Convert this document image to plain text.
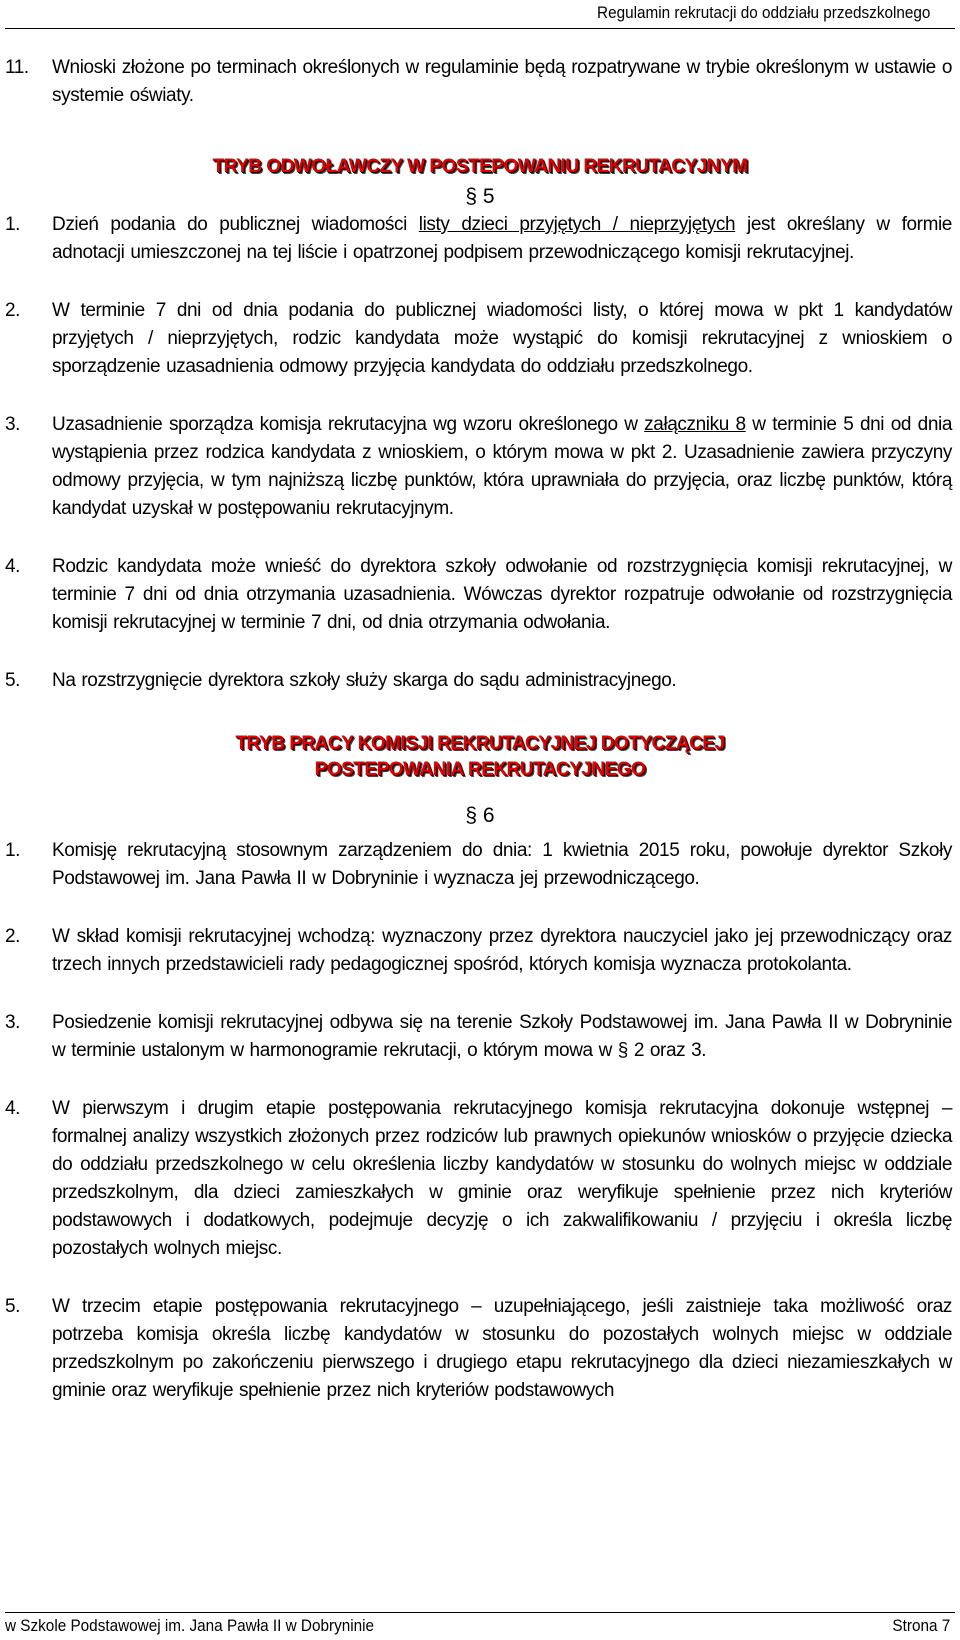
Regulamin rekrutacji do oddziału przedszkolnego

11.	Wnioski złożone po terminach określonych w regulaminie będą rozpatrywane w trybie określonym w ustawie o systemie oświaty.

TRYB ODWOŁAWCZY W POSTEPOWANIU REKRUTACYJNYM
§ 5

1.	Dzień podania do publicznej wiadomości listy dzieci przyjętych / nieprzyjętych jest określany w formie adnotacji umieszczonej na tej liście i opatrzonej podpisem przewodniczącego komisji rekrutacyjnej.

2.	W terminie 7 dni od dnia podania do publicznej wiadomości listy, o której mowa w pkt 1 kandydatów przyjętych / nieprzyjętych, rodzic kandydata może wystąpić do komisji rekrutacyjnej z wnioskiem o sporządzenie uzasadnienia odmowy przyjęcia kandydata do oddziału przedszkolnego.

3.	Uzasadnienie sporządza komisja rekrutacyjna wg wzoru określonego w załączniku 8 w terminie 5 dni od dnia wystąpienia przez rodzica kandydata z wnioskiem, o którym mowa w pkt 2. Uzasadnienie zawiera przyczyny odmowy przyjęcia, w tym najniższą liczbę punktów, która uprawniała do przyjęcia, oraz liczbę punktów, którą kandydat uzyskał w postępowaniu rekrutacyjnym.

4.	Rodzic kandydata może wnieść do dyrektora szkoły odwołanie od rozstrzygnięcia komisji rekrutacyjnej, w terminie 7 dni od dnia otrzymania uzasadnienia. Wówczas dyrektor rozpatruje odwołanie od rozstrzygnięcia komisji rekrutacyjnej w terminie 7 dni, od dnia otrzymania odwołania.

5.	Na rozstrzygnięcie dyrektora szkoły służy skarga do sądu administracyjnego.

TRYB PRACY KOMISJI REKRUTACYJNEJ DOTYCZĄCEJ
POSTEPOWANIA REKRUTACYJNEGO
§ 6

1.	Komisję rekrutacyjną stosownym zarządzeniem do dnia: 1 kwietnia 2015 roku, powołuje dyrektor Szkoły Podstawowej im. Jana Pawła II w Dobryninie i wyznacza jej przewodniczącego.

2.	W skład komisji rekrutacyjnej wchodzą: wyznaczony przez dyrektora nauczyciel jako jej przewodniczący oraz trzech innych przedstawicieli rady pedagogicznej spośród, których komisja wyznacza protokolanta.

3.	Posiedzenie komisji rekrutacyjnej odbywa się na terenie Szkoły Podstawowej im. Jana Pawła II w Dobryninie w terminie ustalonym w harmonogramie rekrutacji, o którym mowa w § 2 oraz 3.

4.	W pierwszym i drugim etapie postępowania rekrutacyjnego komisja rekrutacyjna dokonuje wstępnej – formalnej analizy wszystkich złożonych przez rodziców lub prawnych opiekunów wniosków o przyjęcie dziecka do oddziału przedszkolnego w celu określenia liczby kandydatów w stosunku do wolnych miejsc w oddziale przedszkolnym, dla dzieci zamieszkałych w gminie oraz weryfikuje spełnienie przez nich kryteriów podstawowych i dodatkowych, podejmuje decyzję o ich zakwalifikowaniu / przyjęciu i określa liczbę pozostałych wolnych miejsc.

5.	W trzecim etapie postępowania rekrutacyjnego – uzupełniającego, jeśli zaistnieje taka możliwość oraz potrzeba komisja określa liczbę kandydatów w stosunku do pozostałych wolnych miejsc w oddziale przedszkolnym po zakończeniu pierwszego i drugiego etapu rekrutacyjnego dla dzieci niezamieszkałych w gminie oraz weryfikuje spełnienie przez nich kryteriów podstawowych

w Szkole Podstawowej im. Jana Pawła II w Dobryninie	Strona 7
